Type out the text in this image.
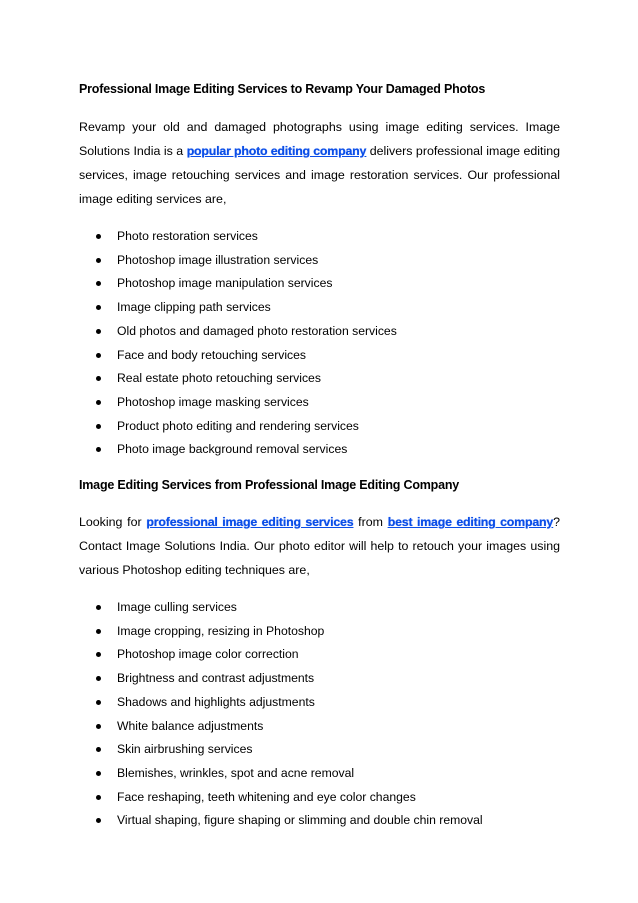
Professional Image Editing Services to Revamp Your Damaged Photos

Revamp your old and damaged photographs using image editing services. Image Solutions India is a popular photo editing company delivers professional image editing services, image retouching services and image restoration services. Our professional image editing services are,

Photo restoration services
Photoshop image illustration services
Photoshop image manipulation services
Image clipping path services
Old photos and damaged photo restoration services
Face and body retouching services
Real estate photo retouching services
Photoshop image masking services
Product photo editing and rendering services
Photo image background removal services
Image Editing Services from Professional Image Editing Company

Looking for professional image editing services from best image editing company? Contact Image Solutions India. Our photo editor will help to retouch your images using various Photoshop editing techniques are,

Image culling services
Image cropping, resizing in Photoshop
Photoshop image color correction
Brightness and contrast adjustments
Shadows and highlights adjustments
White balance adjustments
Skin airbrushing services
Blemishes, wrinkles, spot and acne removal
Face reshaping, teeth whitening and eye color changes
Virtual shaping, figure shaping or slimming and double chin removal
